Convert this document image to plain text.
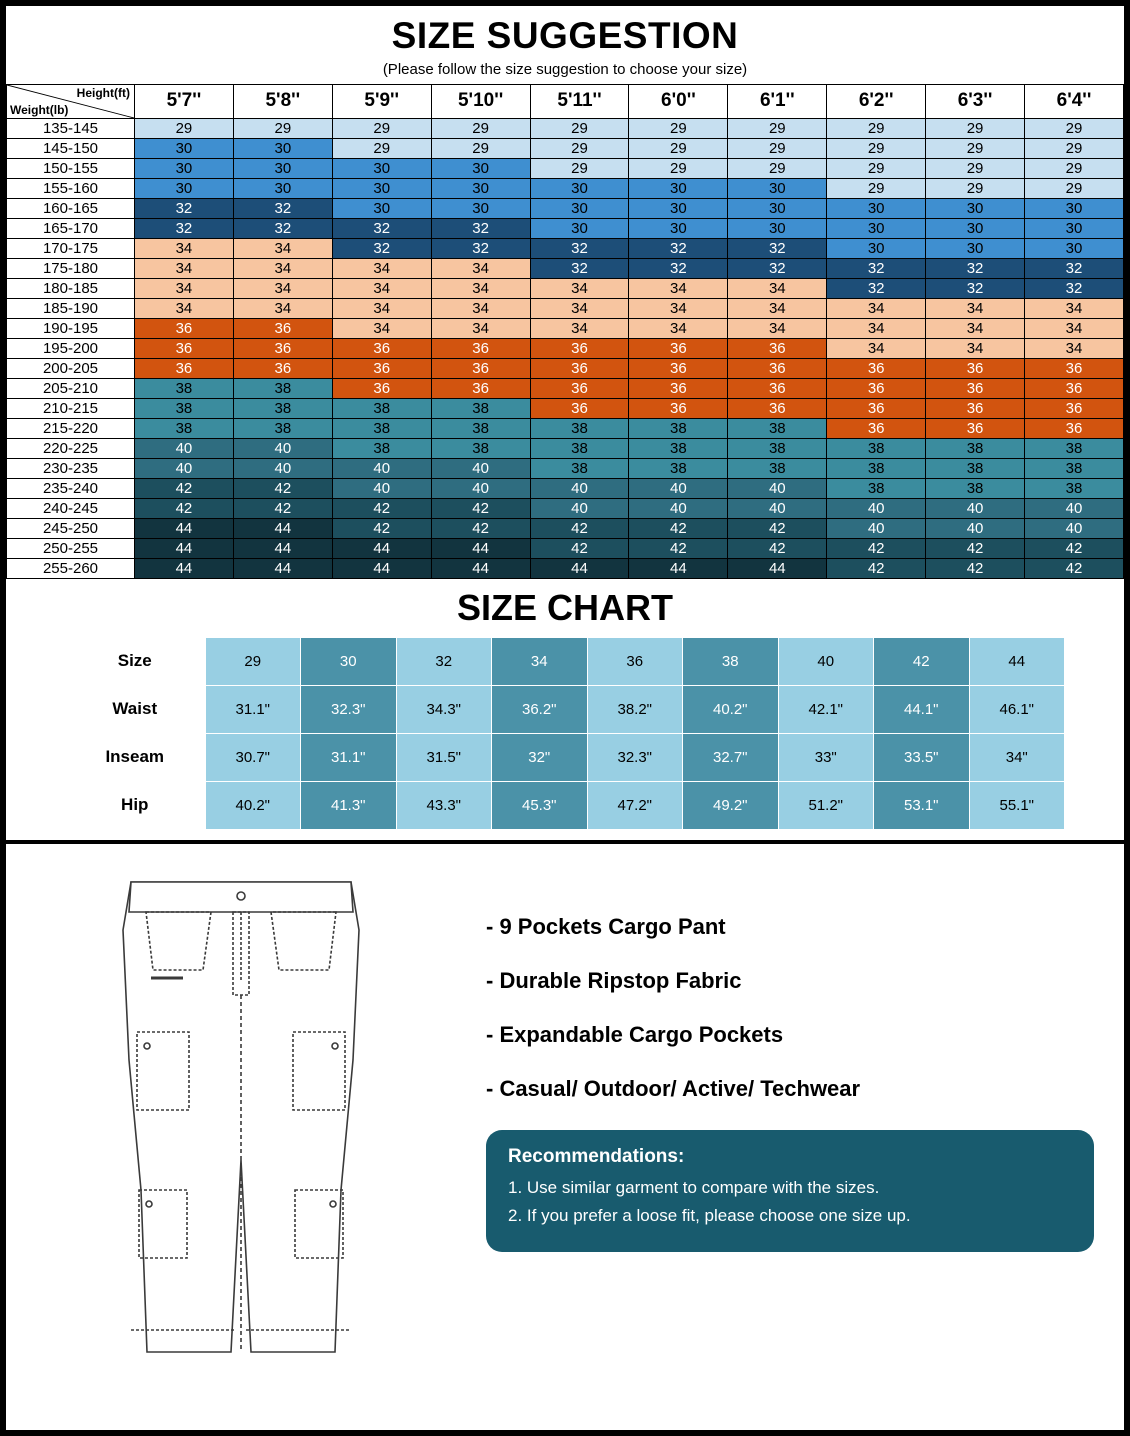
SIZE SUGGESTION
(Please follow the size suggestion to choose your size)
Height(ft)
Weight(lb)	5'7''	5'8''	5'9''	5'10''	5'11''	6'0''	6'1''	6'2''	6'3''	6'4''
135-145	29	29	29	29	29	29	29	29	29	29
145-150	30	30	29	29	29	29	29	29	29	29
150-155	30	30	30	30	29	29	29	29	29	29
155-160	30	30	30	30	30	30	30	29	29	29
160-165	32	32	30	30	30	30	30	30	30	30
165-170	32	32	32	32	30	30	30	30	30	30
170-175	34	34	32	32	32	32	32	30	30	30
175-180	34	34	34	34	32	32	32	32	32	32
180-185	34	34	34	34	34	34	34	32	32	32
185-190	34	34	34	34	34	34	34	34	34	34
190-195	36	36	34	34	34	34	34	34	34	34
195-200	36	36	36	36	36	36	36	34	34	34
200-205	36	36	36	36	36	36	36	36	36	36
205-210	38	38	36	36	36	36	36	36	36	36
210-215	38	38	38	38	36	36	36	36	36	36
215-220	38	38	38	38	38	38	38	36	36	36
220-225	40	40	38	38	38	38	38	38	38	38
230-235	40	40	40	40	38	38	38	38	38	38
235-240	42	42	40	40	40	40	40	38	38	38
240-245	42	42	42	42	40	40	40	40	40	40
245-250	44	44	42	42	42	42	42	40	40	40
250-255	44	44	44	44	42	42	42	42	42	42
255-260	44	44	44	44	44	44	44	42	42	42
SIZE CHART
Size	29	30	32	34	36	38	40	42	44
Waist	31.1"	32.3"	34.3"	36.2"	38.2"	40.2"	42.1"	44.1"	46.1"
Inseam	30.7"	31.1"	31.5"	32"	32.3"	32.7"	33"	33.5"	34"
Hip	40.2"	41.3"	43.3"	45.3"	47.2"	49.2"	51.2"	53.1"	55.1"
- 9 Pockets Cargo Pant
- Durable Ripstop Fabric
- Expandable Cargo Pockets
- Casual/ Outdoor/ Active/ Techwear
Recommendations:
1. Use similar garment to compare with the sizes.
2. If you prefer a loose fit, please choose one size up.
